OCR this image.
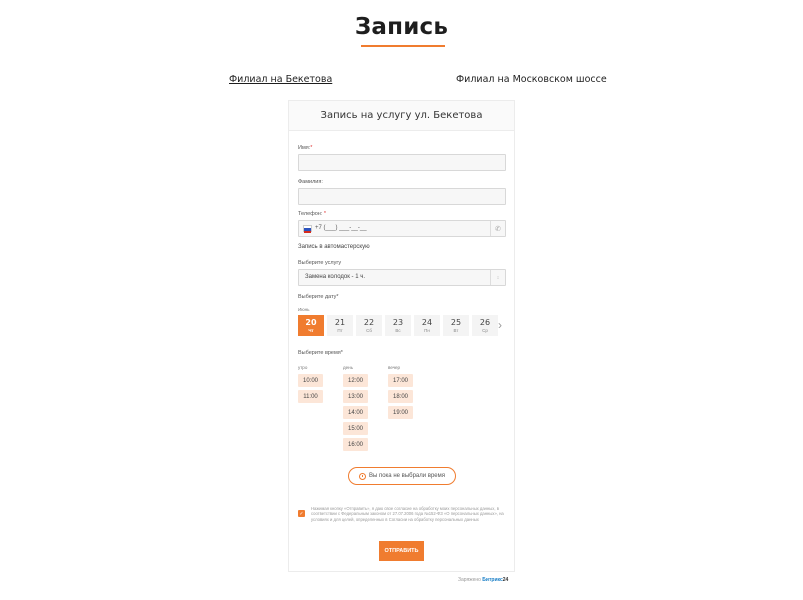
Запись
Филиал на Бекетова	Филиал на Московском шоссе
Запись на услугу ул. Бекетова
Имя:*
Фамилия:
Телефон: *
+7 (___) ___-__-__	✆
Запись в автомастерскую
Выберите услугу
Замена колодок - 1 ч.	↕
Выберите дату*
Июнь
20
Чт
21
Пт
22
Сб
23
Вс
24
Пн
25
Вт
26
Ср ›
Выберите время*
утро
10:00
11:00
день
12:00
13:00
14:00
15:00
16:00
вечер
17:00
18:00
19:00
Вы пока не выбрали время
✓
Нажимая кнопку «Отправить», я даю свое согласие на обработку моих персональных данных, в соответствии с Федеральным законом от 27.07.2006 года №152-ФЗ «О персональных данных», на условиях и для целей, определенных в Согласии на обработку персональных данных
ОТПРАВИТЬ
Заряжено Битрикс24
